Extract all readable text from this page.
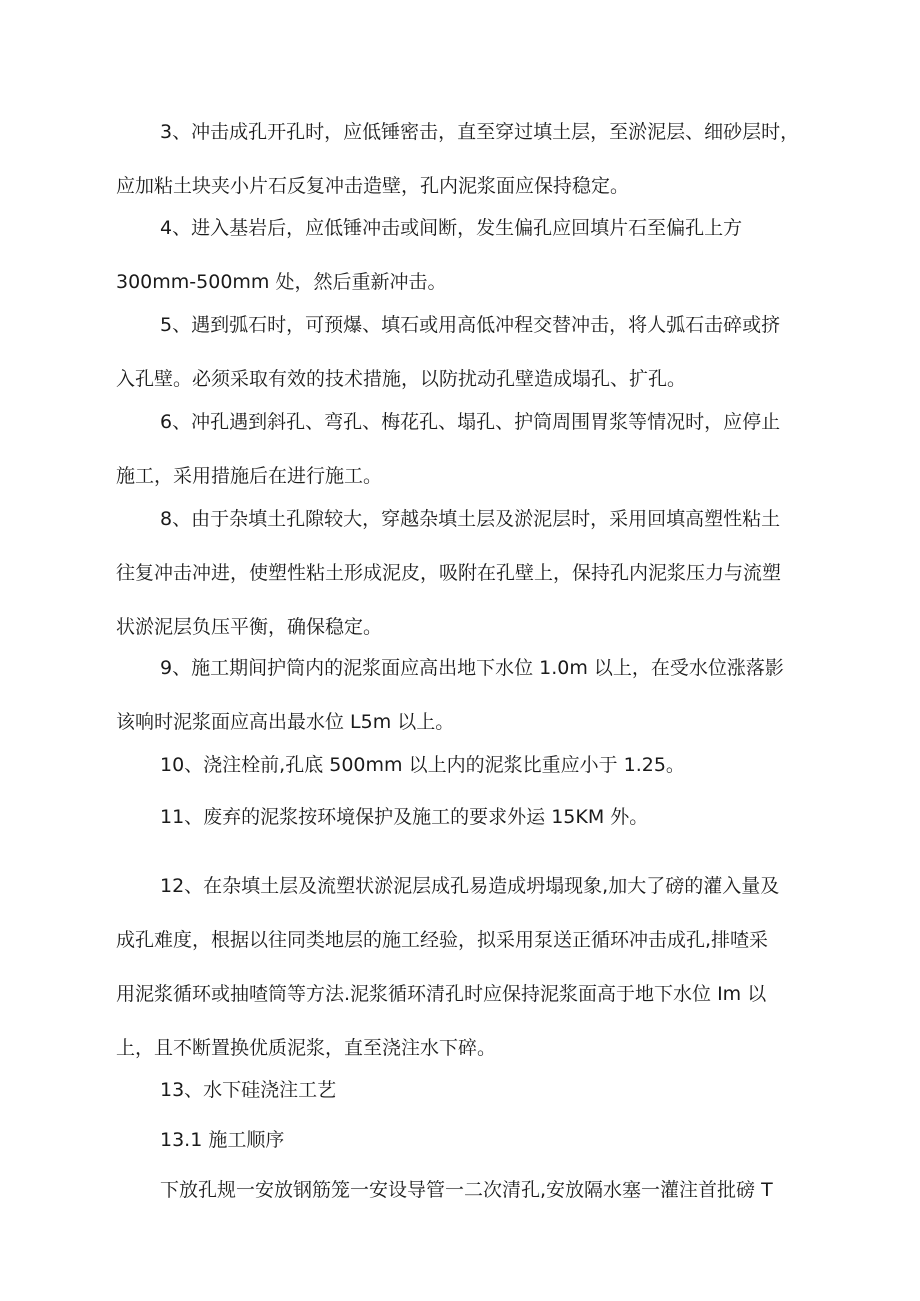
3、冲击成孔开孔时，应低锤密击，直至穿过填土层，至淤泥层、细砂层时，
应加粘土块夹小片石反复冲击造壁，孔内泥浆面应保持稳定。
4、进入基岩后，应低锤冲击或间断，发生偏孔应回填片石至偏孔上方
300mm-500mm 处，然后重新冲击。
5、遇到弧石时，可预爆、填石或用高低冲程交替冲击，将人弧石击碎或挤
入孔壁。必须采取有效的技术措施，以防扰动孔壁造成塌孔、扩孔。
6、冲孔遇到斜孔、弯孔、梅花孔、塌孔、护筒周围胃浆等情况时，应停止
施工，采用措施后在进行施工。
8、由于杂填土孔隙较大，穿越杂填土层及淤泥层时，采用回填高塑性粘土
往复冲击冲进，使塑性粘土形成泥皮，吸附在孔壁上，保持孔内泥浆压力与流塑
状淤泥层负压平衡，确保稳定。
9、施工期间护筒内的泥浆面应高出地下水位 1.0m 以上，在受水位涨落影
该响时泥浆面应高出最水位 L5m 以上。
10、浇注栓前,孔底 500mm 以上内的泥浆比重应小于 1.25。
11、废弃的泥浆按环境保护及施工的要求外运 15KM 外。
12、在杂填土层及流塑状淤泥层成孔易造成坍塌现象,加大了磅的灌入量及
成孔难度，根据以往同类地层的施工经验，拟采用泵送正循环冲击成孔,排喳采
用泥浆循环或抽喳筒等方法.泥浆循环清孔时应保持泥浆面高于地下水位 Im 以
上，且不断置换优质泥浆，直至浇注水下碎。
13、水下硅浇注工艺
13.1 施工顺序
下放孔规一安放钢筋笼一安设导管一二次清孔,安放隔水塞一灌注首批磅 T
